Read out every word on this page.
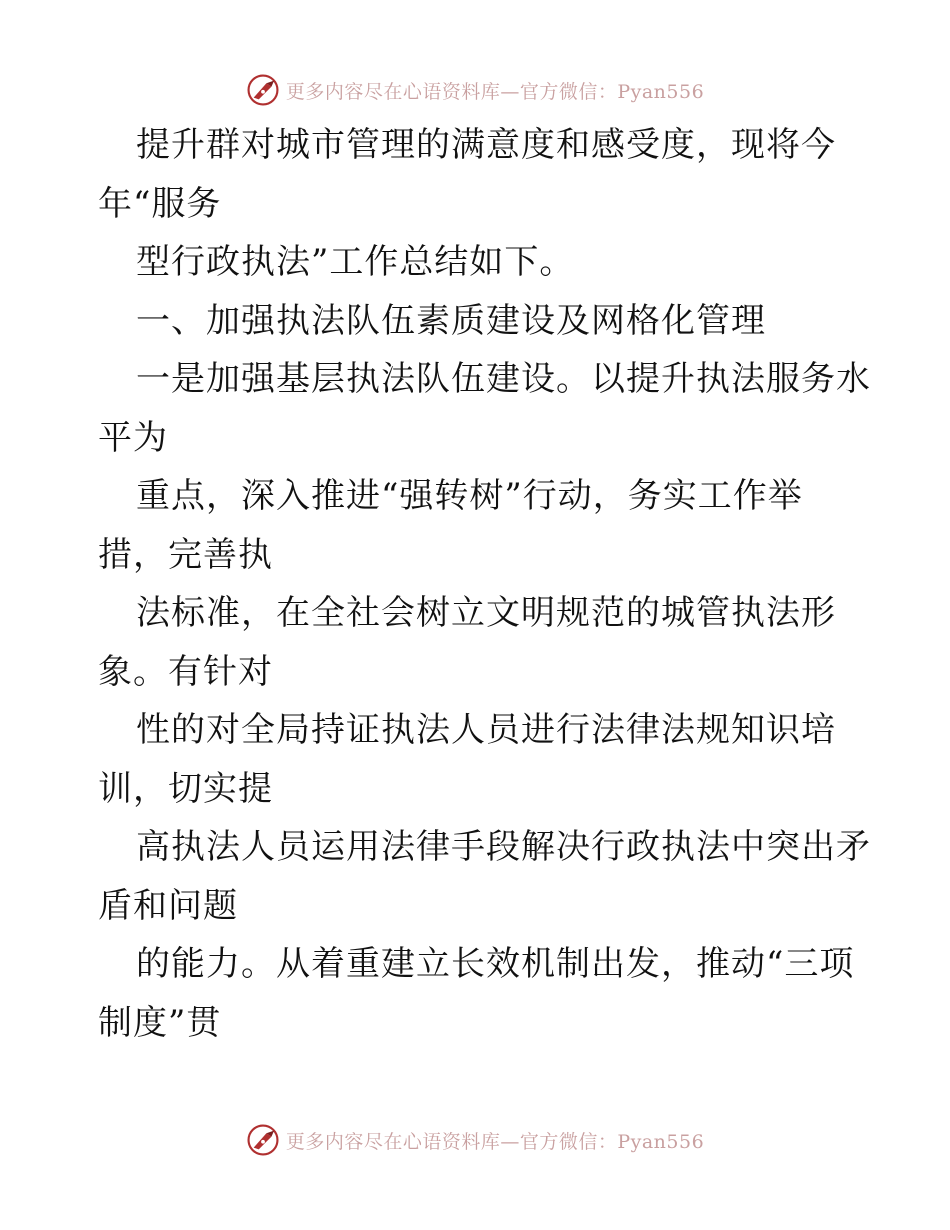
更多内容尽在心语资料库—官方微信：Pyan556
提升群对城市管理的满意度和感受度，现将今
年“服务
型行政执法”工作总结如下。
一、加强执法队伍素质建设及网格化管理
一是加强基层执法队伍建设。以提升执法服务水
平为
重点，深入推进“强转树”行动，务实工作举
措，完善执
法标准，在全社会树立文明规范的城管执法形
象。有针对
性的对全局持证执法人员进行法律法规知识培
训，切实提
高执法人员运用法律手段解决行政执法中突出矛
盾和问题
的能力。从着重建立长效机制出发，推动“三项
制度”贯
更多内容尽在心语资料库—官方微信：Pyan556
